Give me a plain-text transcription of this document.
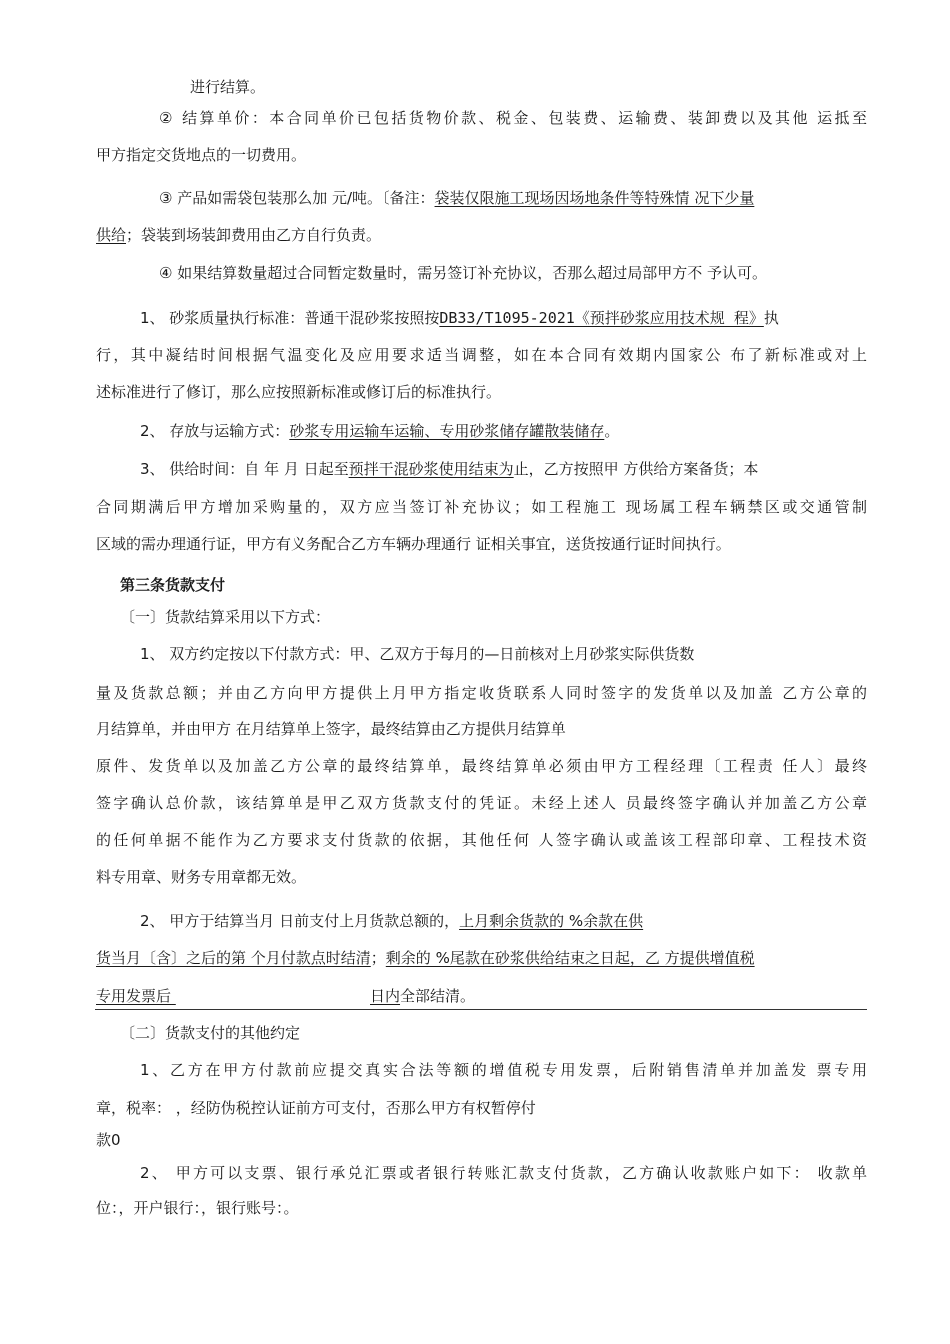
进行结算。
② 结算单价：本合同单价已包括货物价款、税金、包装费、运输费、装卸费以及其他 运抵至
甲方指定交货地点的一切费用。
③ 产品如需袋包装那么加 元/吨。〔备注：袋装仅限施工现场因场地条件等特殊情 况下少量
供给；袋装到场装卸费用由乙方自行负责。
④ 如果结算数量超过合同暂定数量时，需另签订补充协议，否那么超过局部甲方不 予认可。
1、 砂浆质量执行标准：普通干混砂浆按照按DB33/T1095-2021《预拌砂浆应用技术规 程》执
行，其中凝结时间根据气温变化及应用要求适当调整，如在本合同有效期内国家公 布了新标准或对上
述标准进行了修订，那么应按照新标准或修订后的标准执行。
2、 存放与运输方式：砂浆专用运输车运输、专用砂浆储存罐散装储存。
3、 供给时间：自 年 月 日起至预拌干混砂浆使用结束为止，乙方按照甲 方供给方案备货；本
合同期满后甲方增加采购量的，双方应当签订补充协议；如工程施工 现场属工程车辆禁区或交通管制
区域的需办理通行证，甲方有义务配合乙方车辆办理通行 证相关事宜，送货按通行证时间执行。
第三条货款支付
〔一〕货款结算采用以下方式：
1、 双方约定按以下付款方式：甲、乙双方于每月的—日前核对上月砂浆实际供货数
量及货款总额；并由乙方向甲方提供上月甲方指定收货联系人同时签字的发货单以及加盖 乙方公章的
月结算单，并由甲方 在月结算单上签字，最终结算由乙方提供月结算单
原件、发货单以及加盖乙方公章的最终结算单，最终结算单必须由甲方工程经理〔工程责 任人〕最终
签字确认总价款，该结算单是甲乙双方货款支付的凭证。未经上述人 员最终签字确认并加盖乙方公章
的任何单据不能作为乙方要求支付货款的依据，其他任何 人签字确认或盖该工程部印章、工程技术资
料专用章、财务专用章都无效。
2、 甲方于结算当月 日前支付上月货款总额的，上月剩余货款的 %余款在供
货当月〔含〕之后的第 个月付款点时结清；剩余的 %尾款在砂浆供给结束之日起，乙 方提供增值税
专用发票后	日内全部结清。
〔二〕货款支付的其他约定
1、乙方在甲方付款前应提交真实合法等额的增值税专用发票，后附销售清单并加盖发 票专用
章，税率： ，经防伪税控认证前方可支付，否那么甲方有权暂停付
款0
2、 甲方可以支票、银行承兑汇票或者银行转账汇款支付货款，乙方确认收款账户如下： 收款单
位：，开户银行：，银行账号：。
